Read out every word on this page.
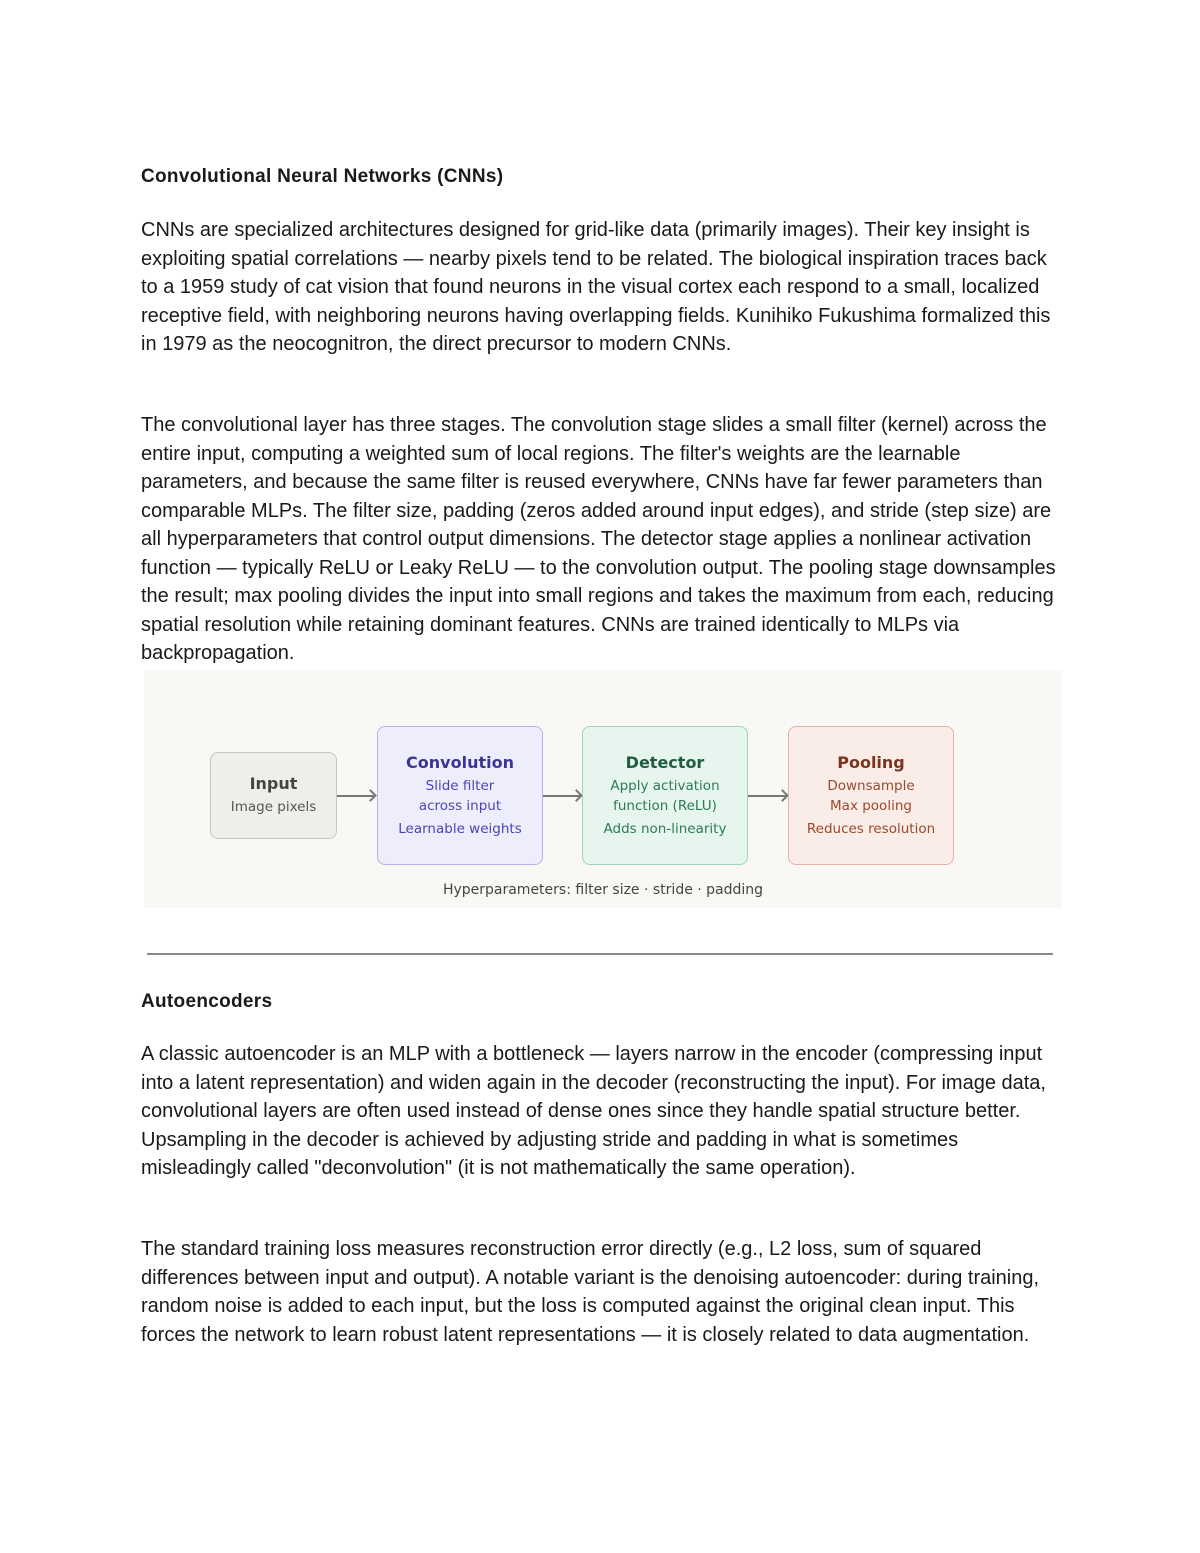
Convolutional Neural Networks (CNNs)

CNNs are specialized architectures designed for grid-like data (primarily images). Their key insight is exploiting spatial correlations — nearby pixels tend to be related. The biological inspiration traces back to a 1959 study of cat vision that found neurons in the visual cortex each respond to a small, localized receptive field, with neighboring neurons having overlapping fields. Kunihiko Fukushima formalized this in 1979 as the neocognitron, the direct precursor to modern CNNs.

The convolutional layer has three stages. The convolution stage slides a small filter (kernel) across the entire input, computing a weighted sum of local regions. The filter's weights are the learnable parameters, and because the same filter is reused everywhere, CNNs have far fewer parameters than comparable MLPs. The filter size, padding (zeros added around input edges), and stride (step size) are all hyperparameters that control output dimensions. The detector stage applies a nonlinear activation function — typically ReLU or Leaky ReLU — to the convolution output. The pooling stage downsamples the result; max pooling divides the input into small regions and takes the maximum from each, reducing spatial resolution while retaining dominant features. CNNs are trained identically to MLPs via backpropagation.

Input
Image pixels
Convolution
Slide filter
across input
Learnable weights
Detector
Apply activation
function (ReLU)
Adds non-linearity
Pooling
Downsample
Max pooling
Reduces resolution
Hyperparameters: filter size · stride · padding
Autoencoders

A classic autoencoder is an MLP with a bottleneck — layers narrow in the encoder (compressing input into a latent representation) and widen again in the decoder (reconstructing the input). For image data, convolutional layers are often used instead of dense ones since they handle spatial structure better. Upsampling in the decoder is achieved by adjusting stride and padding in what is sometimes misleadingly called "deconvolution" (it is not mathematically the same operation).

The standard training loss measures reconstruction error directly (e.g., L2 loss, sum of squared differences between input and output). A notable variant is the denoising autoencoder: during training, random noise is added to each input, but the loss is computed against the original clean input. This forces the network to learn robust latent representations — it is closely related to data augmentation.
